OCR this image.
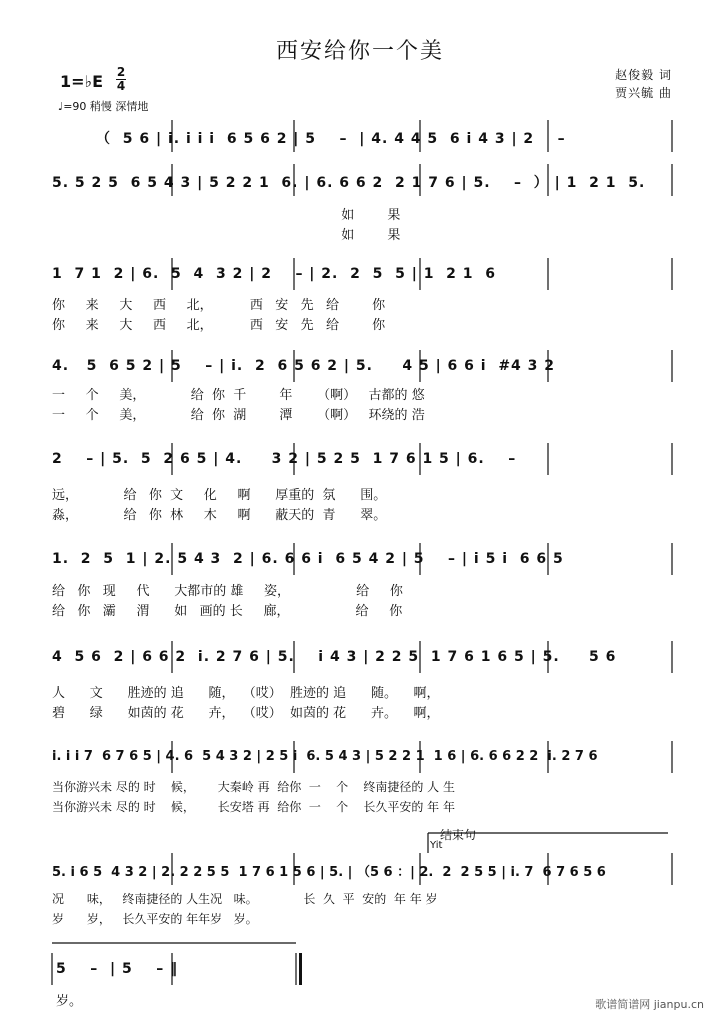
西安给你一个美
1=♭E 2
4
♩=90 稍慢 深情地
赵俊毅 词
贾兴毓 曲
（  5 6 | i. i i i  6 5 6 2 | 5    –  | 4. 4 4 5  6 i 4 3 | 2    –
5. 5 2 5  6 5 4 3 | 5 2 2 1  6. | 6. 6 6 2  2 1 7 6 | 5.    –  ） | 1  2 1  5.
如        果
如        果
1  7 1  2 | 6.  5  4  3 2 | 2    – | 2.  2  5  5 | 1  2 1  6
你     来     大     西     北，         西   安   先   给        你
你     来     大     西     北，         西   安   先   给        你
4.   5  6 5 2 | 5    – | i.  2  6 5 6 2 | 5.     4 5 | 6 6 i  #4 3 2
一     个     美，           给  你  千        年      （啊）   古都的 悠
一     个     美，           给  你  湖        潭      （啊）   环绕的 浩
2    – | 5.  5  2 6 5 | 4.     3 2 | 5 2 5  1 7 6 1 5 | 6.    –
远，           给   你  文     化     啊      厚重的  氛      围。
淼，           给   你  林     木     啊      蔽天的  青      翠。
1.  2  5  1 | 2. 5 4 3  2 | 6. 6 6 i  6 5 4 2 | 5    – | i 5 i  6 6 5
给   你   现     代      大都市的 雄     姿，                给     你
给   你   灞     渭      如   画的 长     廊，                给     你
4  5 6  2 | 6 6 2  i. 2 7 6 | 5.    i 4 3 | 2 2 5  1 7 6 1 6 5 | 5.     5 6
人      文      胜迹的 追      随，  （哎）  胜迹的 追      随。    啊，
碧      绿      如茵的 花      卉，  （哎）  如茵的 花      卉。    啊，
i. i i 7  6 7 6 5 | 4. 6  5 4 3 2 | 2 5 i  6. 5 4 3 | 5 2 2 1  1 6 | 6. 6 6 2 2  i. 2 7 6
当你游兴未 尽的 时    候，      大秦岭 再  给你  一    个    终南捷径的 人 生
当你游兴未 尽的 时    候，      长安塔 再  给你  一    个    长久平安的 年 年
结束句
Yit
5. i 6 5  4 3 2 | 2. 2 2 5 5  1 7 6 1 5 6 | 5. | （5 6 ：| 2.  2  2 5 5 | i. 7  6 7 6 5 6
况      味，   终南捷径的 人生况   味。            长  久  平  安的  年 年 岁
岁      岁，   长久平安的 年年岁   岁。
5    –  | 5    – ‖
岁。	歌谱简谱网 jianpu.cn
